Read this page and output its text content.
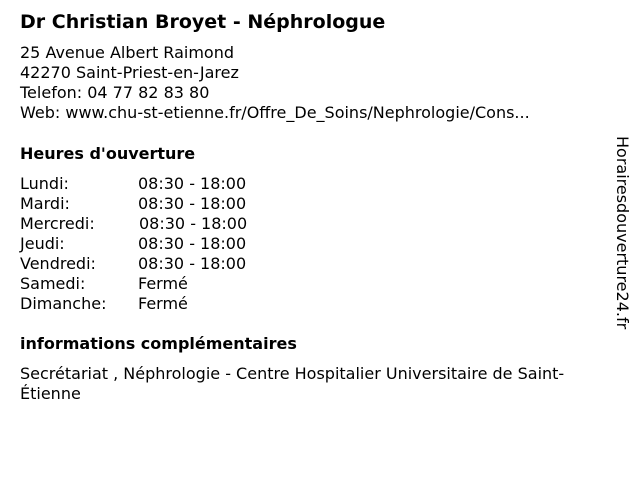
Dr Christian Broyet - Néphrologue
25 Avenue Albert Raimond
42270 Saint-Priest-en-Jarez
Telefon: 04 77 82 83 80
Web: www.chu-st-etienne.fr/Offre_De_Soins/Nephrologie/Cons...
Heures d'ouverture
Lundi:	08:30 - 18:00
Mardi:	08:30 - 18:00
Mercredi:	08:30 - 18:00
Jeudi:	08:30 - 18:00
Vendredi:	08:30 - 18:00
Samedi:	Fermé
Dimanche: Fermé
informations complémentaires
Secrétariat , Néphrologie - Centre Hospitalier Universitaire de Saint-Étienne
Horairesdouverture24.fr
